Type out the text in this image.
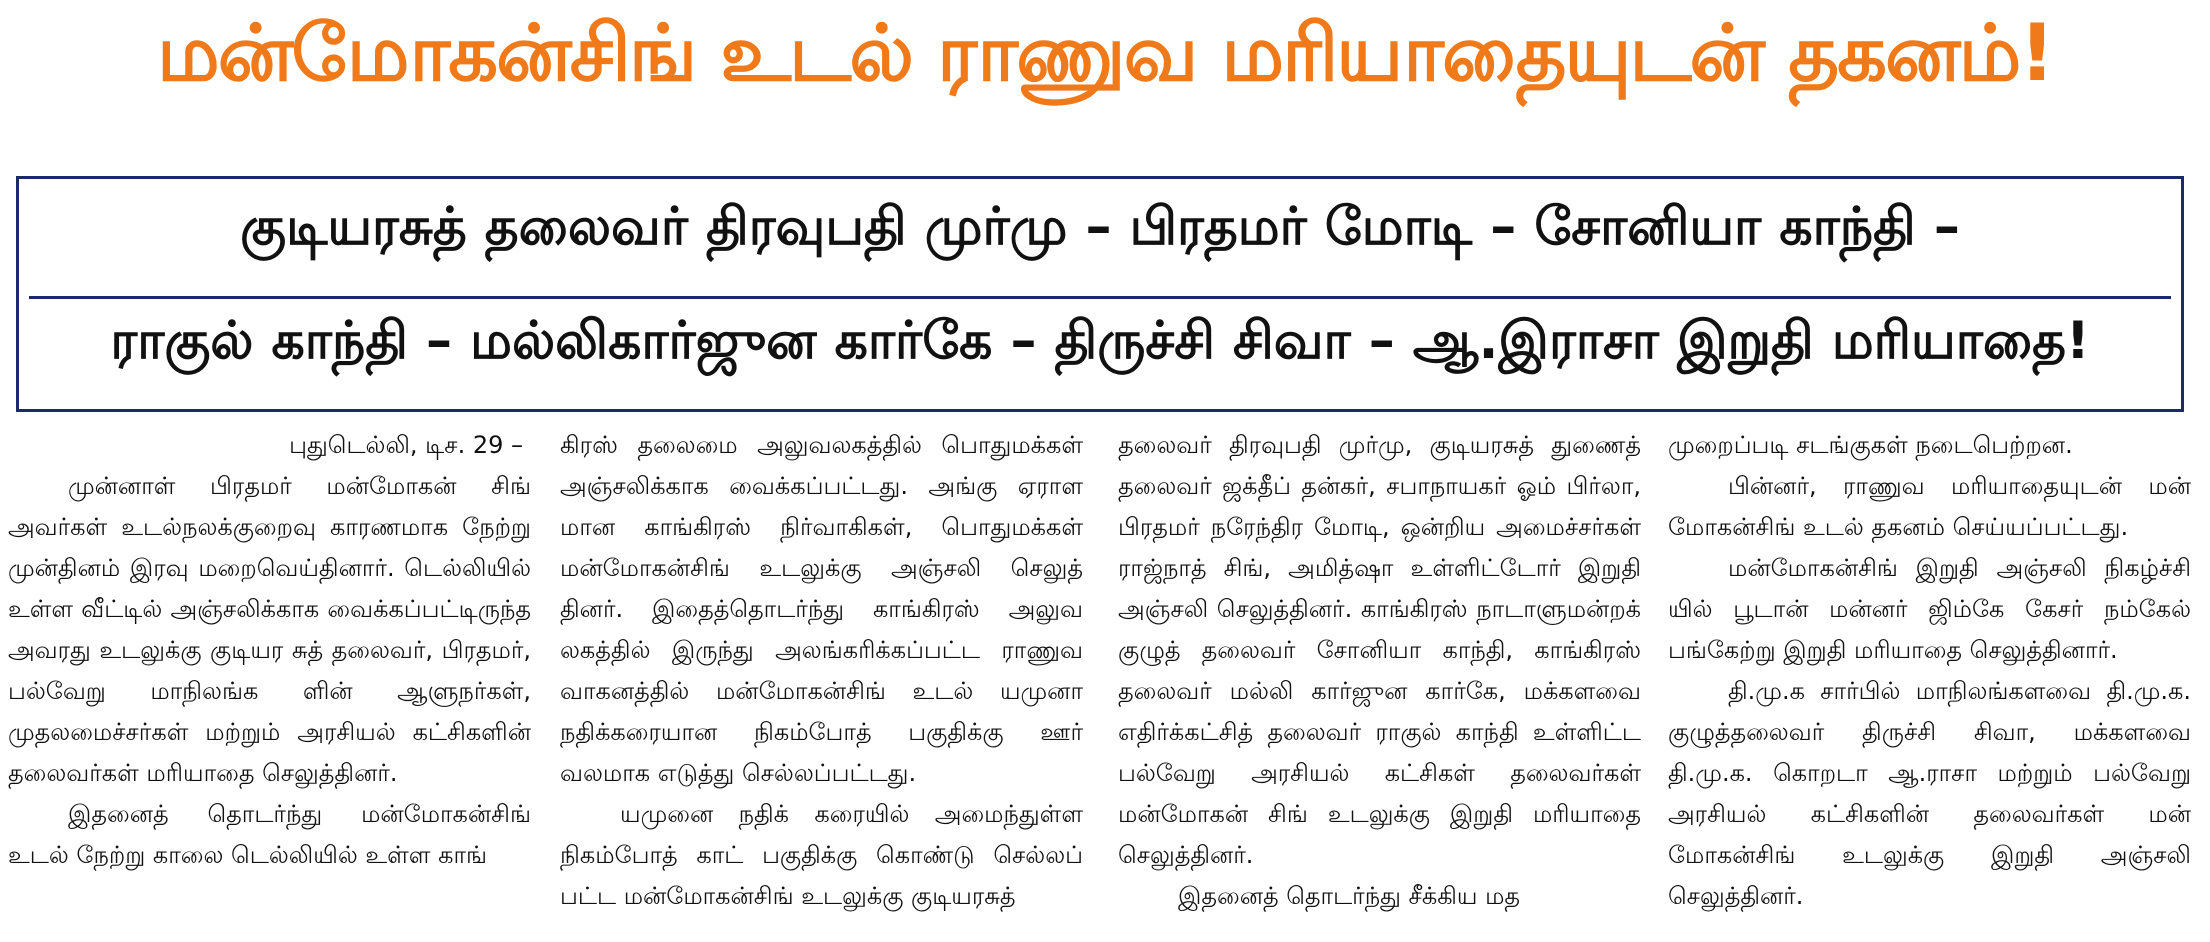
மன்மோகன்சிங் உடல் ராணுவ மரியாதையுடன் தகனம்!
குடியரசுத் தலைவர் திரவுபதி முர்மு – பிரதமர் மோடி – சோனியா காந்தி –
ராகுல் காந்தி – மல்லிகார்ஜுன கார்கே – திருச்சி சிவா – ஆ.இராசா இறுதி மரியாதை!
புதுடெல்லி, டிச. 29 –

முன்னாள் பிரதமர் மன்மோகன் சிங் அவர்கள் உடல்நலக்குறைவு காரணமாக நேற்று முன்தினம் இரவு மறைவெய்தினார். டெல்லியில் உள்ள வீட்டில் அஞ்சலிக்காக வைக்கப்பட்டிருந்த அவரது உடலுக்கு குடியர சுத் தலைவர், பிரதமர், பல்வேறு மாநிலங்க ளின் ஆளுநர்கள், முதலமைச்சர்கள் மற்றும் அரசியல் கட்சிகளின் தலைவர்கள் மரியாதை செலுத்தினர்.

இதனைத் தொடர்ந்து மன்மோகன்சிங் உடல் நேற்று காலை டெல்லியில் உள்ள காங்

கிரஸ் தலைமை அலுவலகத்தில் பொதுமக்கள் அஞ்சலிக்காக வைக்கப்பட்டது. அங்கு ஏராள மான காங்கிரஸ் நிர்வாகிகள், பொதுமக்கள் மன்மோகன்சிங் உடலுக்கு அஞ்சலி செலுத் தினர். இதைத்தொடர்ந்து காங்கிரஸ் அலுவ லகத்தில் இருந்து அலங்கரிக்கப்பட்ட ராணுவ வாகனத்தில் மன்மோகன்சிங் உடல் யமுனா நதிக்கரையான நிகம்போத் பகுதிக்கு ஊர் வலமாக எடுத்து செல்லப்பட்டது.

யமுனை நதிக் கரையில் அமைந்துள்ள நிகம்போத் காட் பகுதிக்கு கொண்டு செல்லப் பட்ட மன்மோகன்சிங் உடலுக்கு குடியரசுத்

தலைவர் திரவுபதி முர்மு, குடியரசுத் துணைத் தலைவர் ஜக்தீப் தன்கர், சபாநாயகர் ஓம் பிர்லா, பிரதமர் நரேந்திர மோடி, ஒன்றிய அமைச்சர்கள் ராஜ்நாத் சிங், அமித்ஷா உள்ளிட்டோர் இறுதி அஞ்சலி செலுத்தினர். காங்கிரஸ் நாடாளுமன்றக் குழுத் தலைவர் சோனியா காந்தி, காங்கிரஸ் தலைவர் மல்லி கார்ஜுன கார்கே, மக்களவை எதிர்க்கட்சித் தலைவர் ராகுல் காந்தி உள்ளிட்ட பல்வேறு அரசியல் கட்சிகள் தலைவர்கள் மன்மோகன் சிங் உடலுக்கு இறுதி மரியாதை செலுத்தினர்.

இதனைத் தொடர்ந்து சீக்கிய மத

முறைப்படி சடங்குகள் நடைபெற்றன.

பின்னர், ராணுவ மரியாதையுடன் மன் மோகன்சிங் உடல் தகனம் செய்யப்பட்டது.

மன்மோகன்சிங் இறுதி அஞ்சலி நிகழ்ச்சி யில் பூடான் மன்னர் ஜிம்கே கேசர் நம்கேல் பங்கேற்று இறுதி மரியாதை செலுத்தினார்.

தி.மு.க சார்பில் மாநிலங்களவை தி.மு.க. குழுத்தலைவர் திருச்சி சிவா, மக்களவை தி.மு.க. கொறடா ஆ.ராசா மற்றும் பல்வேறு அரசியல் கட்சிகளின் தலைவர்கள் மன் மோகன்சிங் உடலுக்கு இறுதி அஞ்சலி செலுத்தினர்.
